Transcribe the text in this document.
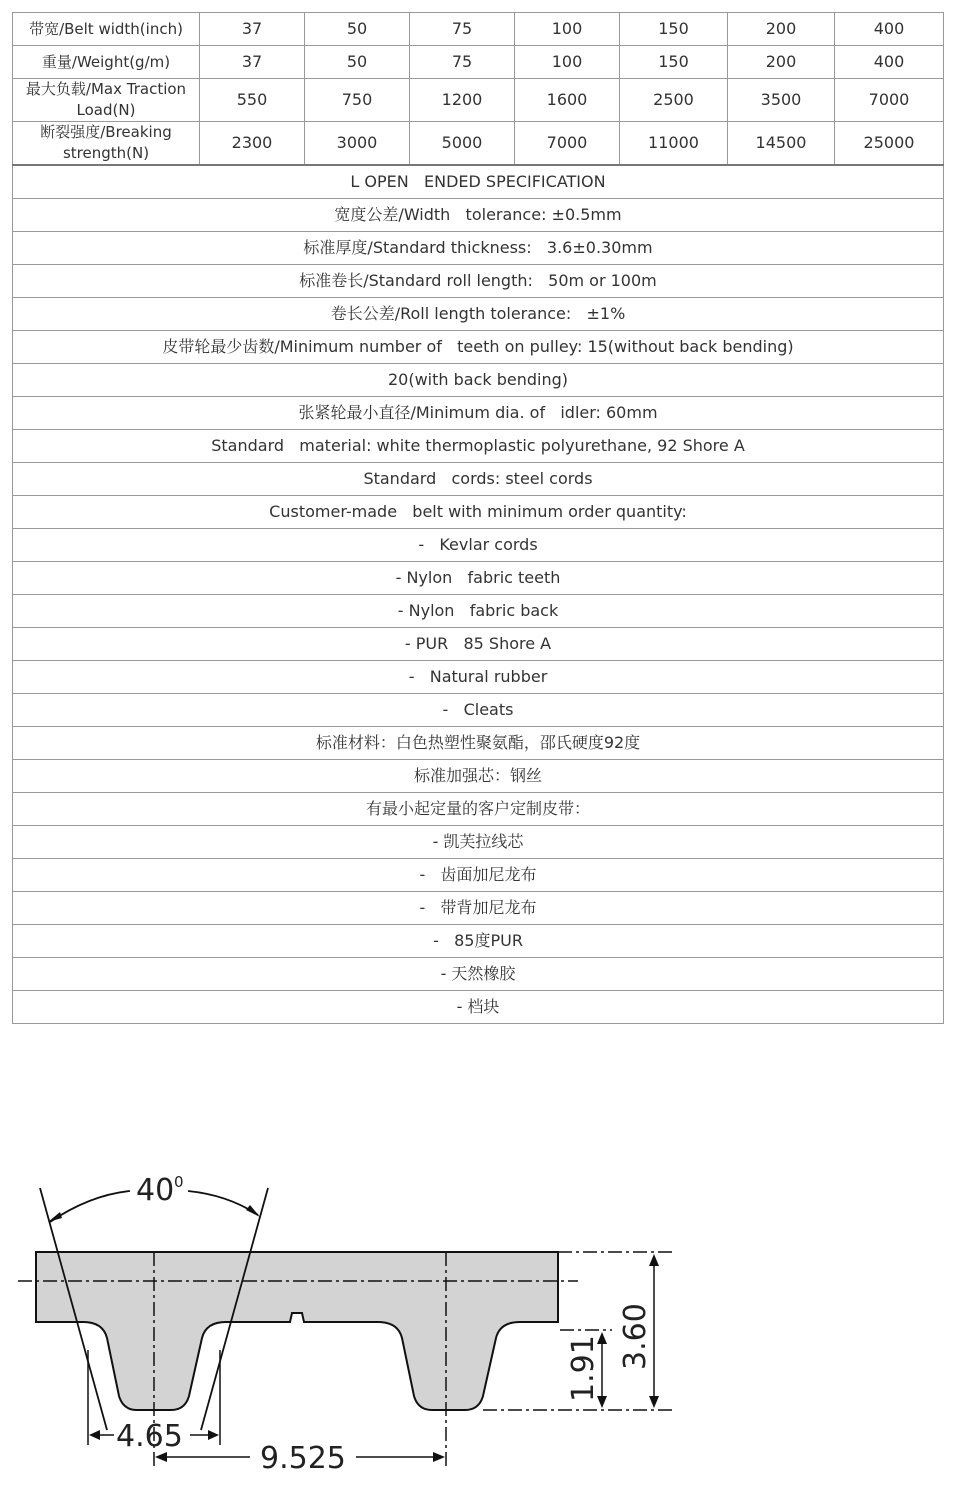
带宽/Belt width(inch)	37	50	75	100	150	200	400
重量/Weight(g/m)	37	50	75	100	150	200	400
最大负载/Max Traction Load(N)	550	750	1200	1600	2500	3500	7000
断裂强度/Breaking strength(N)	2300	3000	5000	7000	11000	14500	25000
L OPEN   ENDED SPECIFICATION							
宽度公差/Width   tolerance: ±0.5mm							
标准厚度/Standard thickness:   3.6±0.30mm							
标准卷长/Standard roll length:   50m or 100m							
卷长公差/Roll length tolerance:   ±1%							
皮带轮最少齿数/Minimum number of   teeth on pulley: 15(without back bending)							
20(with back bending)							
张紧轮最小直径/Minimum dia. of   idler: 60mm							
Standard   material: white thermoplastic polyurethane, 92 Shore A							
Standard   cords: steel cords							
Customer-made   belt with minimum order quantity:							
-   Kevlar cords							
- Nylon   fabric teeth							
- Nylon   fabric back							
- PUR   85 Shore A							
-   Natural rubber							
-   Cleats							
标准材料：白色热塑性聚氨酯，邵氏硬度92度							
标准加强芯：钢丝							
有最小起定量的客户定制皮带：							
- 凯芙拉线芯							
-   齿面加尼龙布							
-   带背加尼龙布							
-   85度PUR							
- 天然橡胶							
- 档块							
40 0
4.65
9.525
1.91 3.60
